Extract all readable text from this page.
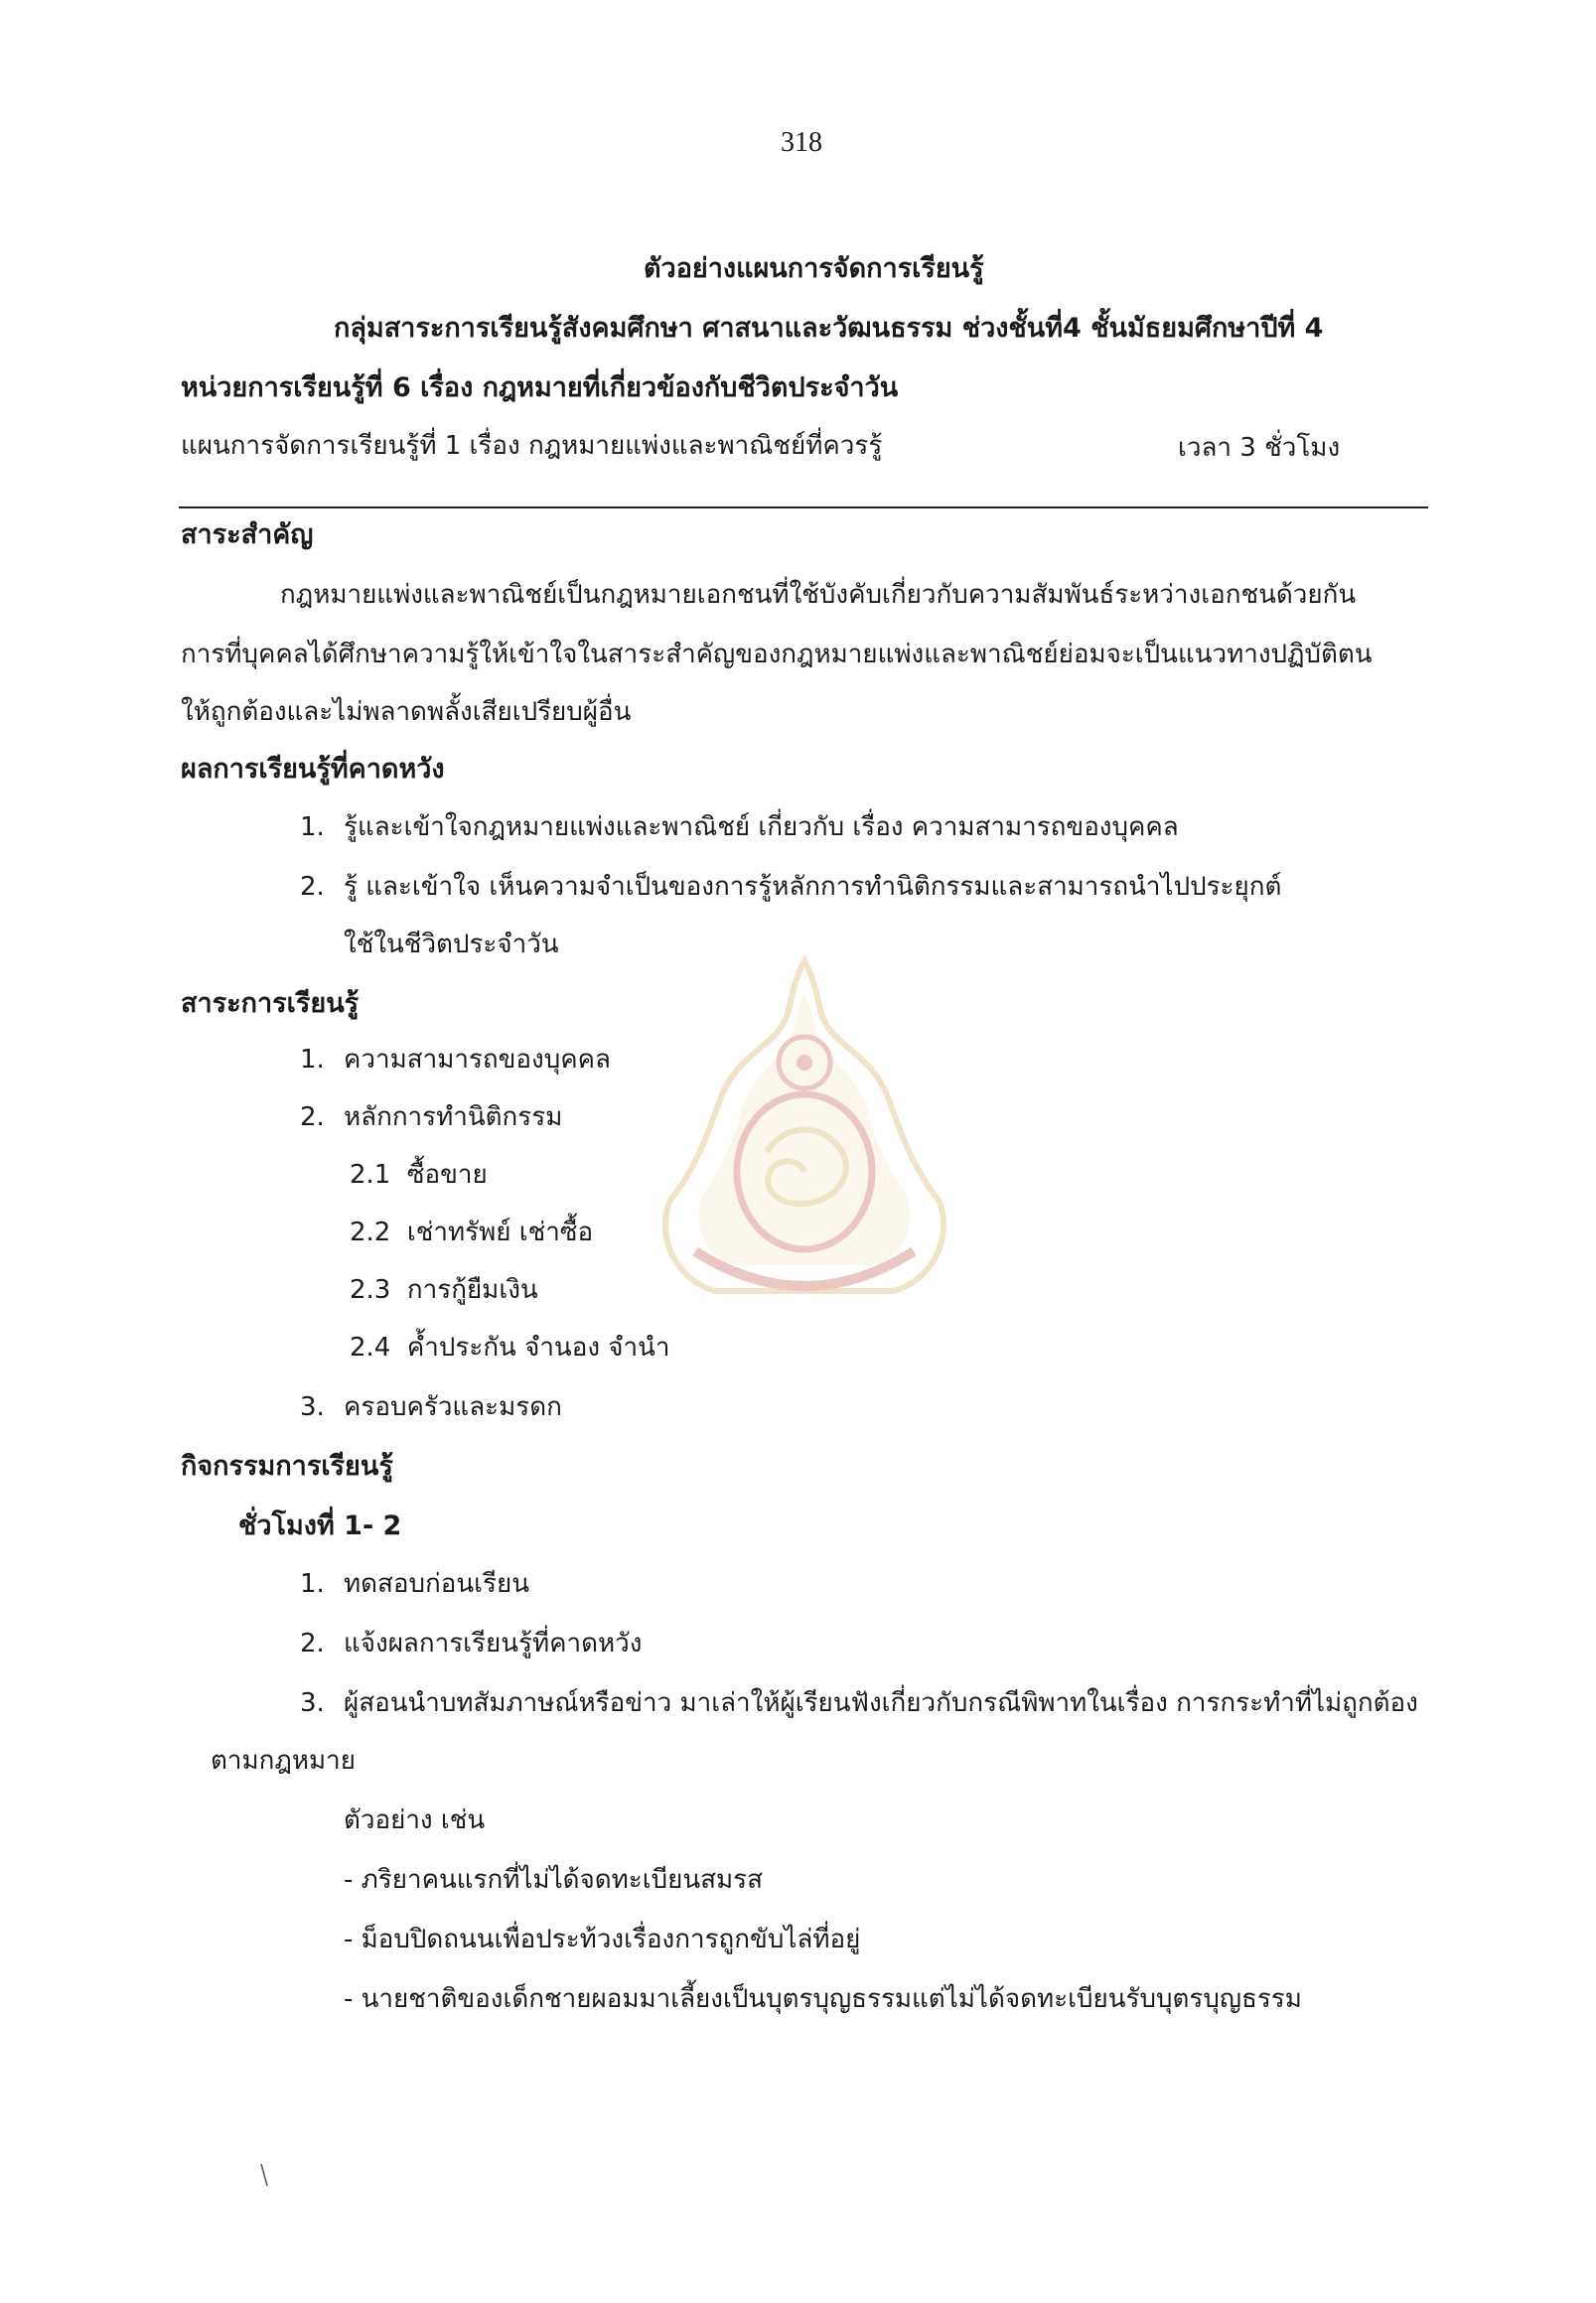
318
ตัวอย่างแผนการจัดการเรียนรู้
กลุ่มสาระการเรียนรู้สังคมศึกษา ศาสนาและวัฒนธรรม ช่วงชั้นที่4 ชั้นมัธยมศึกษาปีที่ 4
หน่วยการเรียนรู้ที่ 6 เรื่อง กฎหมายที่เกี่ยวข้องกับชีวิตประจำวัน
แผนการจัดการเรียนรู้ที่ 1 เรื่อง กฎหมายแพ่งและพาณิชย์ที่ควรรู้	เวลา 3 ชั่วโมง
สาระสำคัญ
กฎหมายแพ่งและพาณิชย์เป็นกฎหมายเอกชนที่ใช้บังคับเกี่ยวกับความสัมพันธ์ระหว่างเอกชนด้วยกัน
การที่บุคคลได้ศึกษาความรู้ให้เข้าใจในสาระสำคัญของกฎหมายแพ่งและพาณิชย์ย่อมจะเป็นแนวทางปฏิบัติตน
ให้ถูกต้องและไม่พลาดพลั้งเสียเปรียบผู้อื่น
ผลการเรียนรู้ที่คาดหวัง
1. รู้และเข้าใจกฎหมายแพ่งและพาณิชย์ เกี่ยวกับ เรื่อง ความสามารถของบุคคล
2. รู้ และเข้าใจ เห็นความจำเป็นของการรู้หลักการทำนิติกรรมและสามารถนำไปประยุกต์
ใช้ในชีวิตประจำวัน
สาระการเรียนรู้
1. ความสามารถของบุคคล
2. หลักการทำนิติกรรม
2.1 ซื้อขาย
2.2 เช่าทรัพย์ เช่าซื้อ
2.3 การกู้ยืมเงิน
2.4 ค้ำประกัน จำนอง จำนำ
3. ครอบครัวและมรดก
กิจกรรมการเรียนรู้
ชั่วโมงที่ 1- 2
1. ทดสอบก่อนเรียน
2. แจ้งผลการเรียนรู้ที่คาดหวัง
3. ผู้สอนนำบทสัมภาษณ์หรือข่าว มาเล่าให้ผู้เรียนฟังเกี่ยวกับกรณีพิพาทในเรื่อง การกระทำที่ไม่ถูกต้อง
ตามกฎหมาย
ตัวอย่าง เช่น
- ภริยาคนแรกที่ไม่ได้จดทะเบียนสมรส
- ม็อบปิดถนนเพื่อประท้วงเรื่องการถูกขับไล่ที่อยู่
- นายชาติของเด็กชายผอมมาเลี้ยงเป็นบุตรบุญธรรมแต่ไม่ได้จดทะเบียนรับบุตรบุญธรรม
